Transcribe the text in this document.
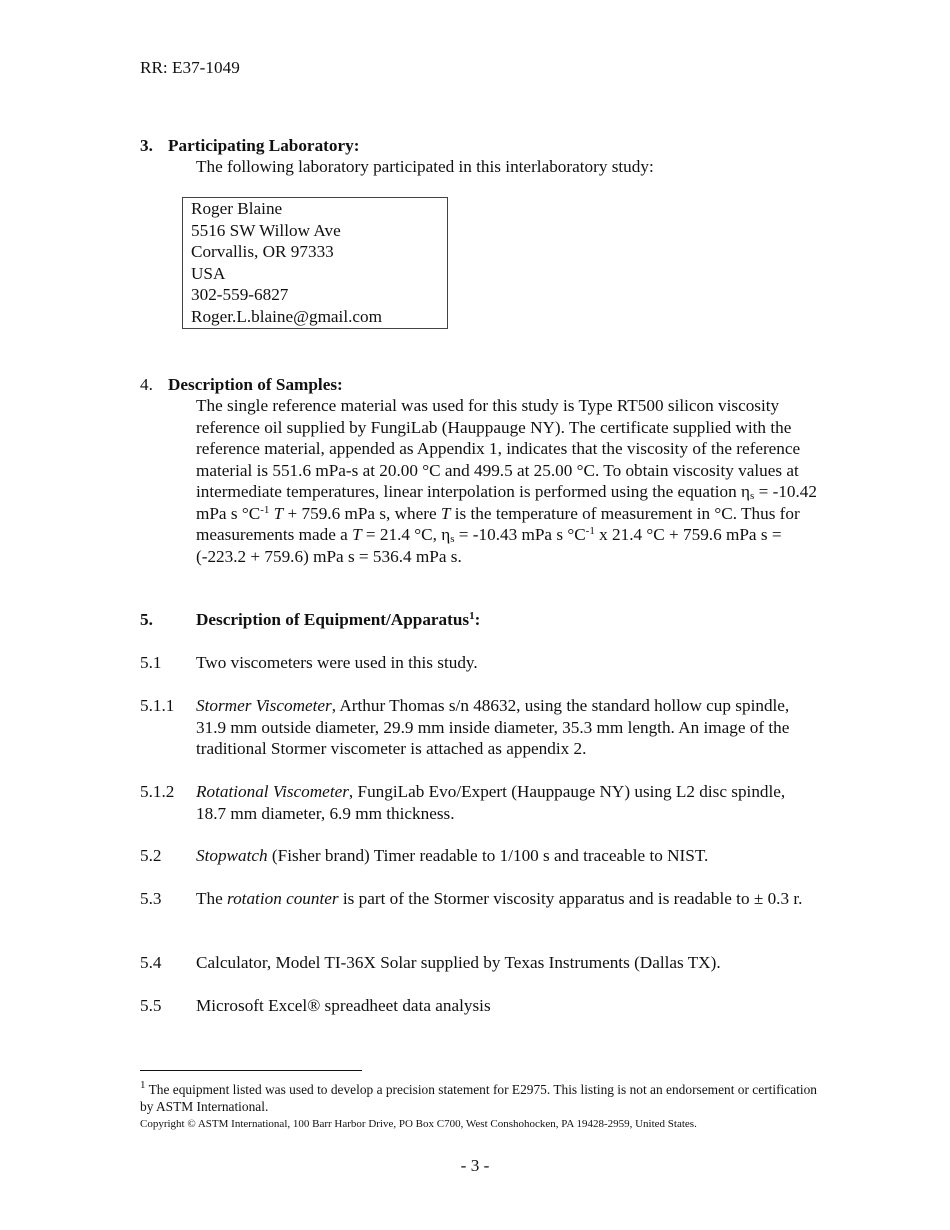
RR: E37-1049
3. Participating Laboratory:
The following laboratory participated in this interlaboratory study:
Roger Blaine
5516 SW Willow Ave
Corvallis, OR 97333
USA
302-559-6827
Roger.L.blaine@gmail.com
4. Description of Samples:
The single reference material was used for this study is Type RT500 silicon viscosity reference oil supplied by FungiLab (Hauppauge NY). The certificate supplied with the reference material, appended as Appendix 1, indicates that the viscosity of the reference material is 551.6 mPa-s at 20.00 °C and 499.5 at 25.00 °C. To obtain viscosity values at intermediate temperatures, linear interpolation is performed using the equation ηs = -10.42 mPa s $^\circ C^{-1}$ T + 759.6 mPa s, where T is the temperature of measurement in °C. Thus for measurements made a T = 21.4 °C, ηs = -10.43 mPa s $^\circ C^{-1}$ x 21.4 °C + 759.6 mPa s = (-223.2 + 759.6) mPa s = 536.4 mPa s.
5.	Description of Equipment/Apparatus$^1$:
5.1 Two viscometers were used in this study.
5.1.1 Stormer Viscometer, Arthur Thomas s/n 48632, using the standard hollow cup spindle, 31.9 mm outside diameter, 29.9 mm inside diameter, 35.3 mm length. An image of the traditional Stormer viscometer is attached as appendix 2.
5.1.2 Rotational Viscometer, FungiLab Evo/Expert (Hauppauge NY) using L2 disc spindle, 18.7 mm diameter, 6.9 mm thickness.
5.2 Stopwatch (Fisher brand) Timer readable to 1/100 s and traceable to NIST.
5.3 The rotation counter is part of the Stormer viscosity apparatus and is readable to ± 0.3 r.
5.4 Calculator, Model TI-36X Solar supplied by Texas Instruments (Dallas TX).
5.5 Microsoft Excel® spreadheet data analysis
$^1$ The equipment listed was used to develop a precision statement for E2975. This listing is not an endorsement or certification by ASTM International.
Copyright © ASTM International, 100 Barr Harbor Drive, PO Box C700, West Conshohocken, PA 19428-2959, United States.
- 3 -
